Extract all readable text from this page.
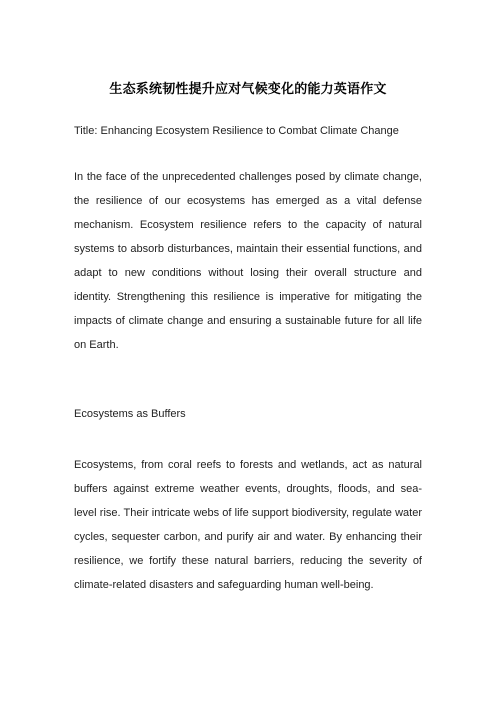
生态系统韧性提升应对气候变化的能力英语作文
Title: Enhancing Ecosystem Resilience to Combat Climate Change
In the face of the unprecedented challenges posed by climate change, the resilience of our ecosystems has emerged as a vital defense mechanism. Ecosystem resilience refers to the capacity of natural systems to absorb disturbances, maintain their essential functions, and adapt to new conditions without losing their overall structure and identity. Strengthening this resilience is imperative for mitigating the impacts of climate change and ensuring a sustainable future for all life on Earth.
Ecosystems as Buffers
Ecosystems, from coral reefs to forests and wetlands, act as natural buffers against extreme weather events, droughts, floods, and sea-level rise. Their intricate webs of life support biodiversity, regulate water cycles, sequester carbon, and purify air and water. By enhancing their resilience, we fortify these natural barriers, reducing the severity of climate-related disasters and safeguarding human well-being.
